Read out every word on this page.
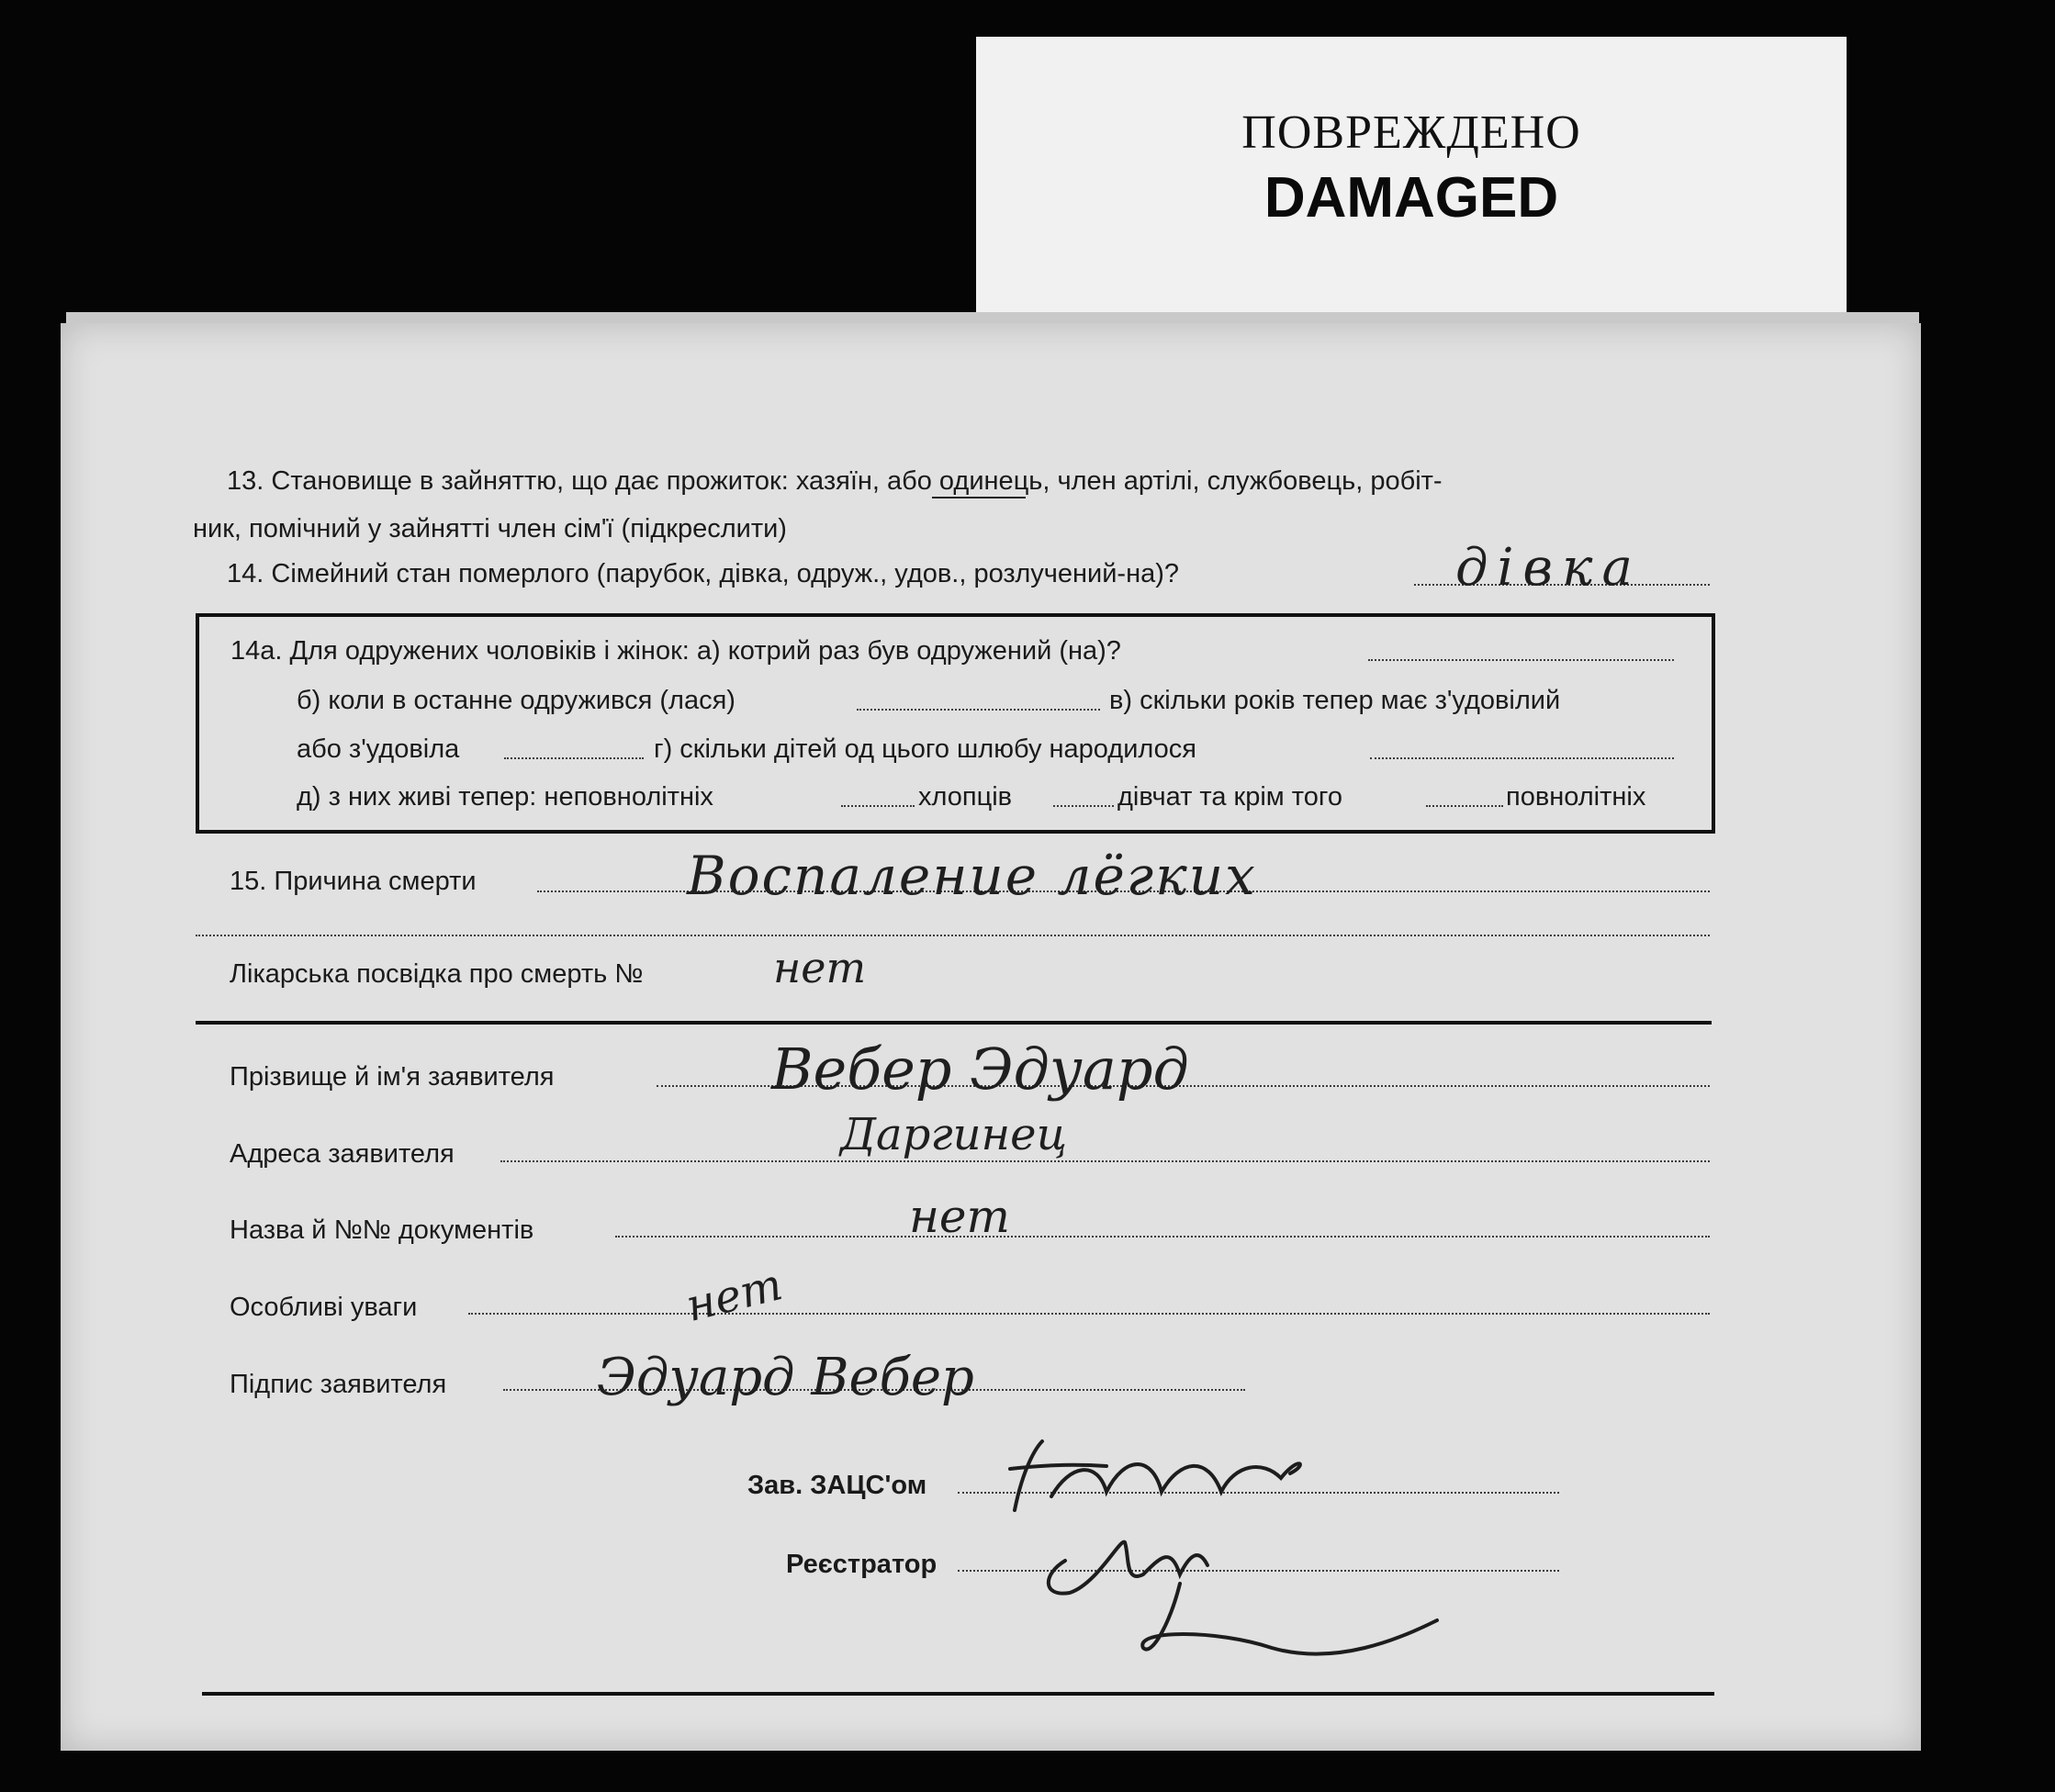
ПОВРЕЖДЕНО
DAMAGED
13. Становище в зайняттю, що дає прожиток: хазяїн, або одинець, член артілі, службовець, робіт-
ник, помічний у зайнятті член сім'ї (підкреслити)
14. Сімейний стан померлого (парубок, дівка, одруж., удов., розлучений-на)?	дівка
14а. Для одружених чоловіків і жінок: а) котрий раз був одружений (на)?
б) коли в останне одружився (лася)	в) скільки років тепер має з'удовілий
або з'удовіла	г) скільки дітей од цього шлюбу народилося
д) з них живі тепер: неповнолітніх	хлопців	дівчат та крім того	повнолітніх
15. Причина смерти	Воспаление лёгких
Лікарська посвідка про смерть №	нет
Прізвище й ім'я заявителя	Вебер Эдуард
Адреса заявителя	Даргинец
Назва й №№ документів	нет
Особливі уваги	нет
Підпис заявителя	Эдуард Вебер
Зав. ЗАЦС'ом
Реєстратор
